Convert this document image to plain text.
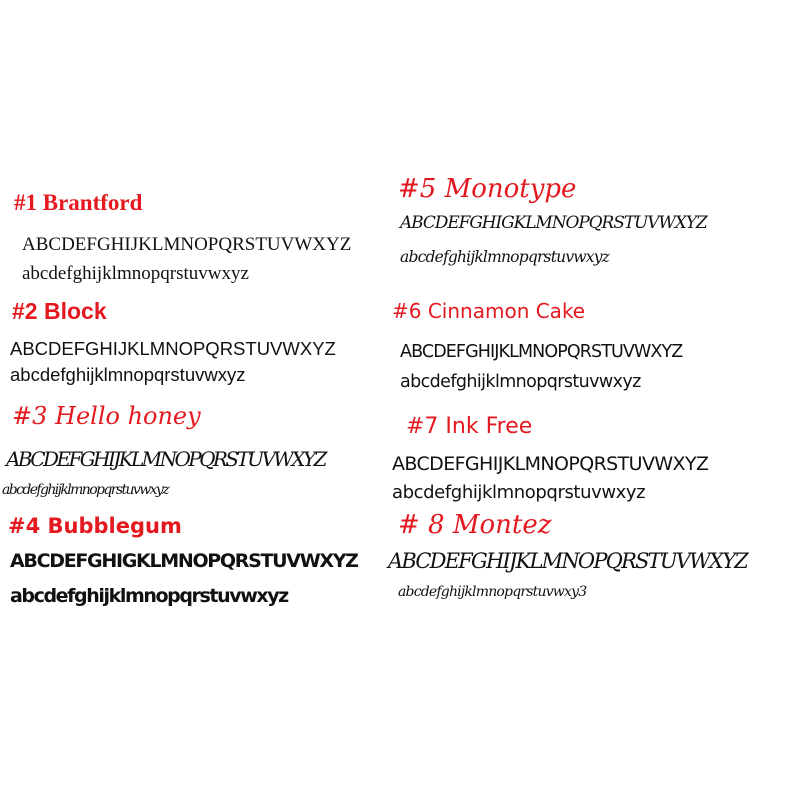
#1 Brantford
ABCDEFGHIJKLMNOPQRSTUVWXYZ
abcdefghijklmnopqrstuvwxyz
#2 Block
ABCDEFGHIJKLMNOPQRSTUVWXYZ
abcdefghijklmnopqrstuvwxyz
#3 Hello honey
ABCDEFGHIJKLMNOPQRSTUVWXYZ
abcdefghijklmnopqrstuvwxyz
#4 Bubblegum
ABCDEFGHIGKLMNOPQRSTUVWXYZ
abcdefghijklmnopqrstuvwxyz
#5 Monotype
ABCDEFGHIGKLMNOPQRSTUVWXYZ
abcdefghijklmnopqrstuvwxyz
#6 Cinnamon Cake
ABCDEFGHIJKLMNOPQRSTUVWXYZ
abcdefghijklmnopqrstuvwxyz
#7 Ink Free
ABCDEFGHIJKLMNOPQRSTUVWXYZ
abcdefghijklmnopqrstuvwxyz
# 8 Montez
ABCDEFGHIJKLMNOPQRSTUVWXYZ
abcdefghijklmnopqrstuvwxy3
